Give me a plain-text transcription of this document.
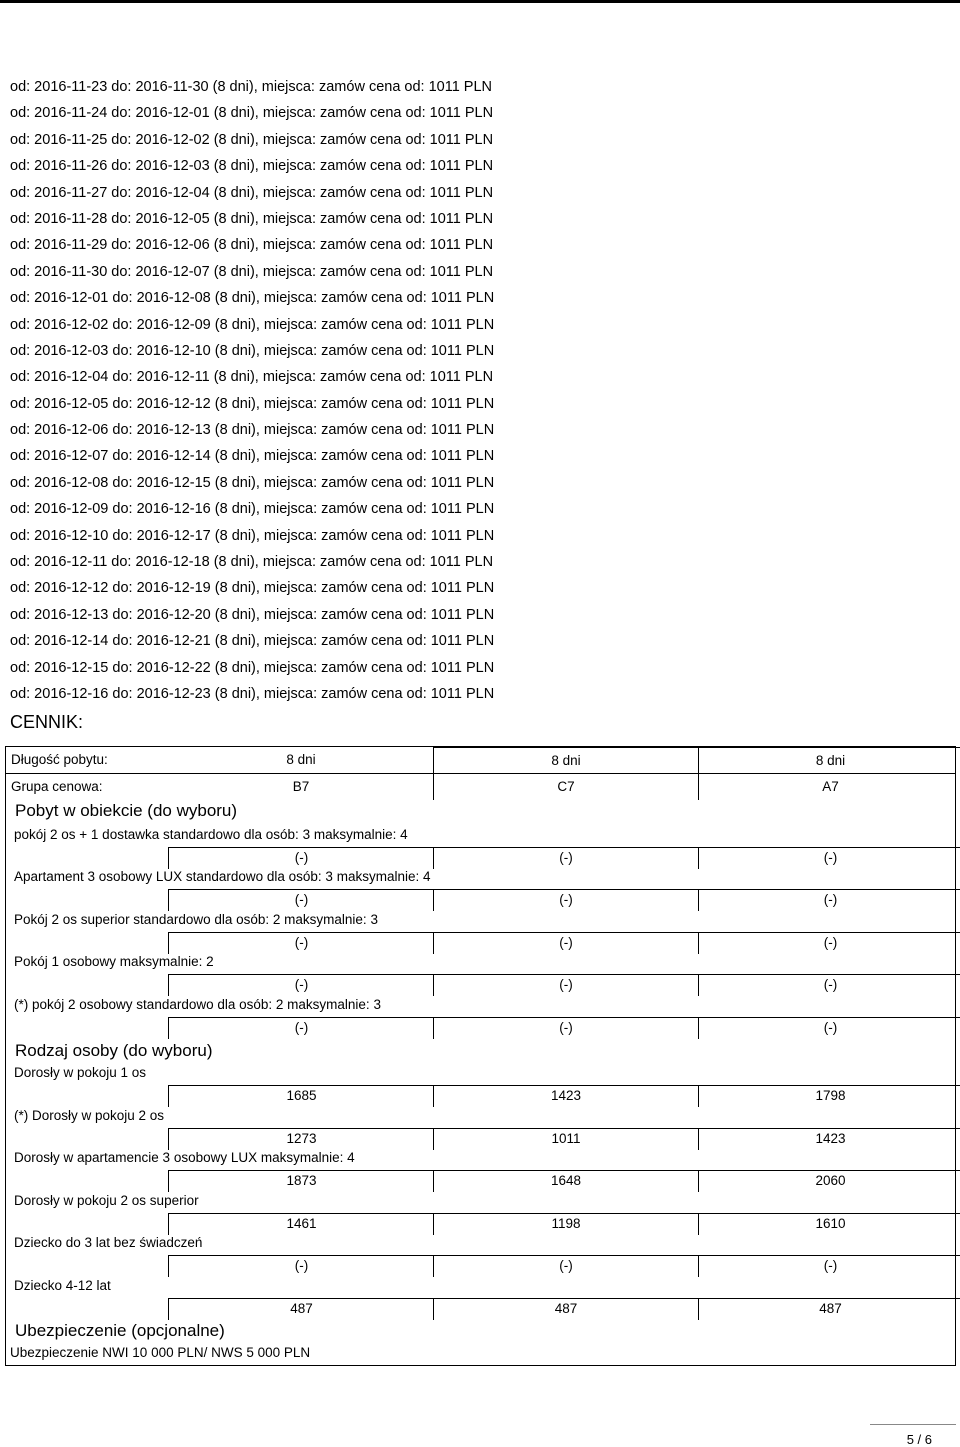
od: 2016-11-23 do: 2016-11-30 (8 dni), miejsca: zamów cena od: 1011 PLN
od: 2016-11-24 do: 2016-12-01 (8 dni), miejsca: zamów cena od: 1011 PLN
od: 2016-11-25 do: 2016-12-02 (8 dni), miejsca: zamów cena od: 1011 PLN
od: 2016-11-26 do: 2016-12-03 (8 dni), miejsca: zamów cena od: 1011 PLN
od: 2016-11-27 do: 2016-12-04 (8 dni), miejsca: zamów cena od: 1011 PLN
od: 2016-11-28 do: 2016-12-05 (8 dni), miejsca: zamów cena od: 1011 PLN
od: 2016-11-29 do: 2016-12-06 (8 dni), miejsca: zamów cena od: 1011 PLN
od: 2016-11-30 do: 2016-12-07 (8 dni), miejsca: zamów cena od: 1011 PLN
od: 2016-12-01 do: 2016-12-08 (8 dni), miejsca: zamów cena od: 1011 PLN
od: 2016-12-02 do: 2016-12-09 (8 dni), miejsca: zamów cena od: 1011 PLN
od: 2016-12-03 do: 2016-12-10 (8 dni), miejsca: zamów cena od: 1011 PLN
od: 2016-12-04 do: 2016-12-11 (8 dni), miejsca: zamów cena od: 1011 PLN
od: 2016-12-05 do: 2016-12-12 (8 dni), miejsca: zamów cena od: 1011 PLN
od: 2016-12-06 do: 2016-12-13 (8 dni), miejsca: zamów cena od: 1011 PLN
od: 2016-12-07 do: 2016-12-14 (8 dni), miejsca: zamów cena od: 1011 PLN
od: 2016-12-08 do: 2016-12-15 (8 dni), miejsca: zamów cena od: 1011 PLN
od: 2016-12-09 do: 2016-12-16 (8 dni), miejsca: zamów cena od: 1011 PLN
od: 2016-12-10 do: 2016-12-17 (8 dni), miejsca: zamów cena od: 1011 PLN
od: 2016-12-11 do: 2016-12-18 (8 dni), miejsca: zamów cena od: 1011 PLN
od: 2016-12-12 do: 2016-12-19 (8 dni), miejsca: zamów cena od: 1011 PLN
od: 2016-12-13 do: 2016-12-20 (8 dni), miejsca: zamów cena od: 1011 PLN
od: 2016-12-14 do: 2016-12-21 (8 dni), miejsca: zamów cena od: 1011 PLN
od: 2016-12-15 do: 2016-12-22 (8 dni), miejsca: zamów cena od: 1011 PLN
od: 2016-12-16 do: 2016-12-23 (8 dni), miejsca: zamów cena od: 1011 PLN
CENNIK:
Długość pobytu:	8 dni	8 dni	8 dni
Grupa cenowa:	B7	C7	A7
Pobyt w obiekcie (do wyboru)
pokój 2 os + 1 dostawka standardowo dla osób: 3 maksymalnie: 4
(-)	(-)	(-)
Apartament 3 osobowy LUX standardowo dla osób: 3 maksymalnie: 4
(-)	(-)	(-)
Pokój 2 os superior standardowo dla osób: 2 maksymalnie: 3
(-)	(-)	(-)
Pokój 1 osobowy maksymalnie: 2
(-)	(-)	(-)
(*) pokój 2 osobowy standardowo dla osób: 2 maksymalnie: 3
(-)	(-)	(-)
Rodzaj osoby (do wyboru)
Dorosły w pokoju 1 os
1685	1423	1798
(*) Dorosły w pokoju 2 os
1273	1011	1423
Dorosły w apartamencie 3 osobowy LUX maksymalnie: 4
1873	1648	2060
Dorosły w pokoju 2 os superior
1461	1198	1610
Dziecko do 3 lat bez świadczeń
(-)	(-)	(-)
Dziecko 4-12 lat
487	487	487
Ubezpieczenie (opcjonalne)
Ubezpieczenie NWI 10 000 PLN/ NWS 5 000 PLN
5 / 6
